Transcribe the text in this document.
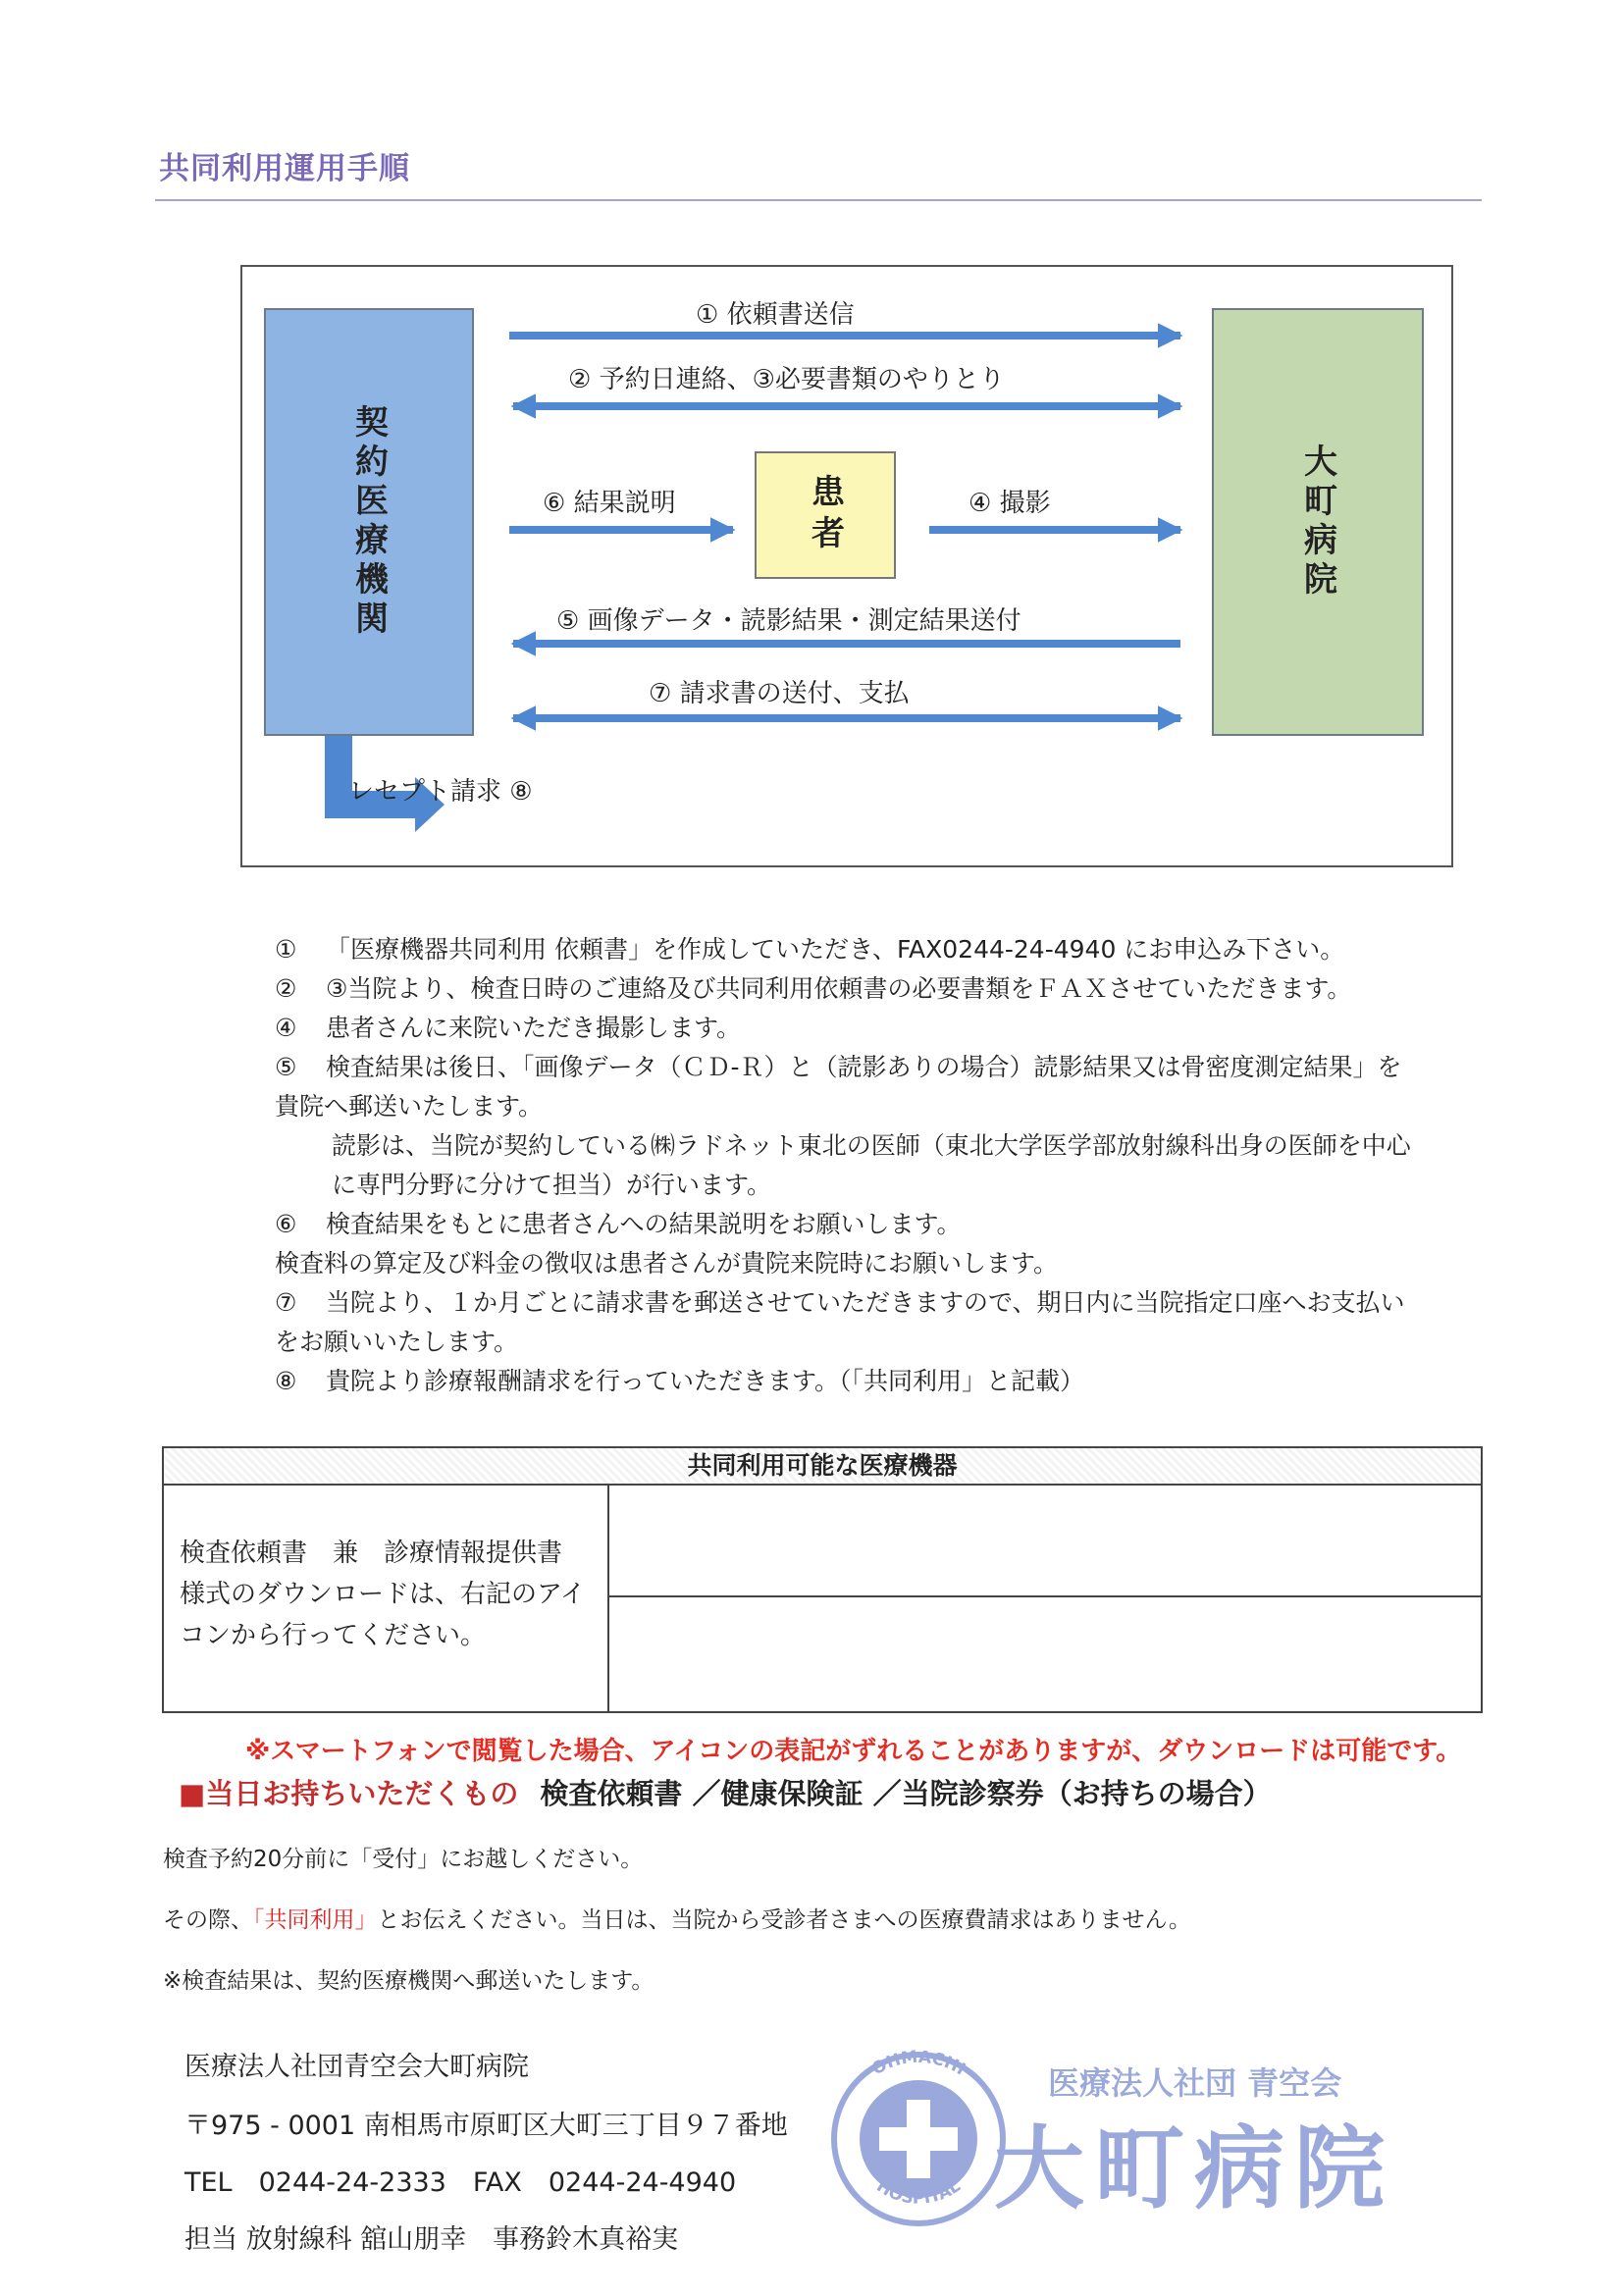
共同利用運用手順
契約医療機関	大町病院
患者
① 依頼書送信
② 予約日連絡、③必要書類のやりとり
⑥ 結果説明	④ 撮影
⑤ 画像データ・読影結果・測定結果送付
⑦ 請求書の送付、支払
レセプト請求 ⑧
①	「医療機器共同利用 依頼書」を作成していただき、FAX0244-24-4940 にお申込み下さい。
②	③当院より、検査日時のご連絡及び共同利用依頼書の必要書類をＦＡＸさせていただきます。
④	患者さんに来院いただき撮影します。
⑤	検査結果は後日、「画像データ（ＣＤ-Ｒ）と（読影ありの場合）読影結果又は骨密度測定結果」を
貴院へ郵送いたします。
読影は、当院が契約している㈱ラドネット東北の医師（東北大学医学部放射線科出身の医師を中心
に専門分野に分けて担当）が行います。
⑥	検査結果をもとに患者さんへの結果説明をお願いします。
検査料の算定及び料金の徴収は患者さんが貴院来院時にお願いします。
⑦	当院より、１か月ごとに請求書を郵送させていただきますので、期日内に当院指定口座へお支払い
をお願いいたします。
⑧	貴院より診療報酬請求を行っていただきます。（「共同利用」と記載）
共同利用可能な医療機器
検査依頼書　兼　診療情報提供書
様式のダウンロードは、右記のアイ
コンから行ってください。
※スマートフォンで閲覧した場合、アイコンの表記がずれることがありますが、ダウンロードは可能です。
■当日お持ちいただくもの 検査依頼書 ／健康保険証 ／当院診察券（お持ちの場合）
検査予約20分前に「受付」にお越しください。
その際、「共同利用」とお伝えください。当日は、当院から受診者さまへの医療費請求はありません。
※検査結果は、契約医療機関へ郵送いたします。
医療法人社団青空会大町病院
〒975 - 0001 南相馬市原町区大町三丁目９７番地
TEL　0244-24-2333　FAX　0244-24-4940
担当 放射線科 舘山朋幸　事務鈴木真裕実
OHMACHI
HOSPITAL
医療法人社団 青空会
大町病院
